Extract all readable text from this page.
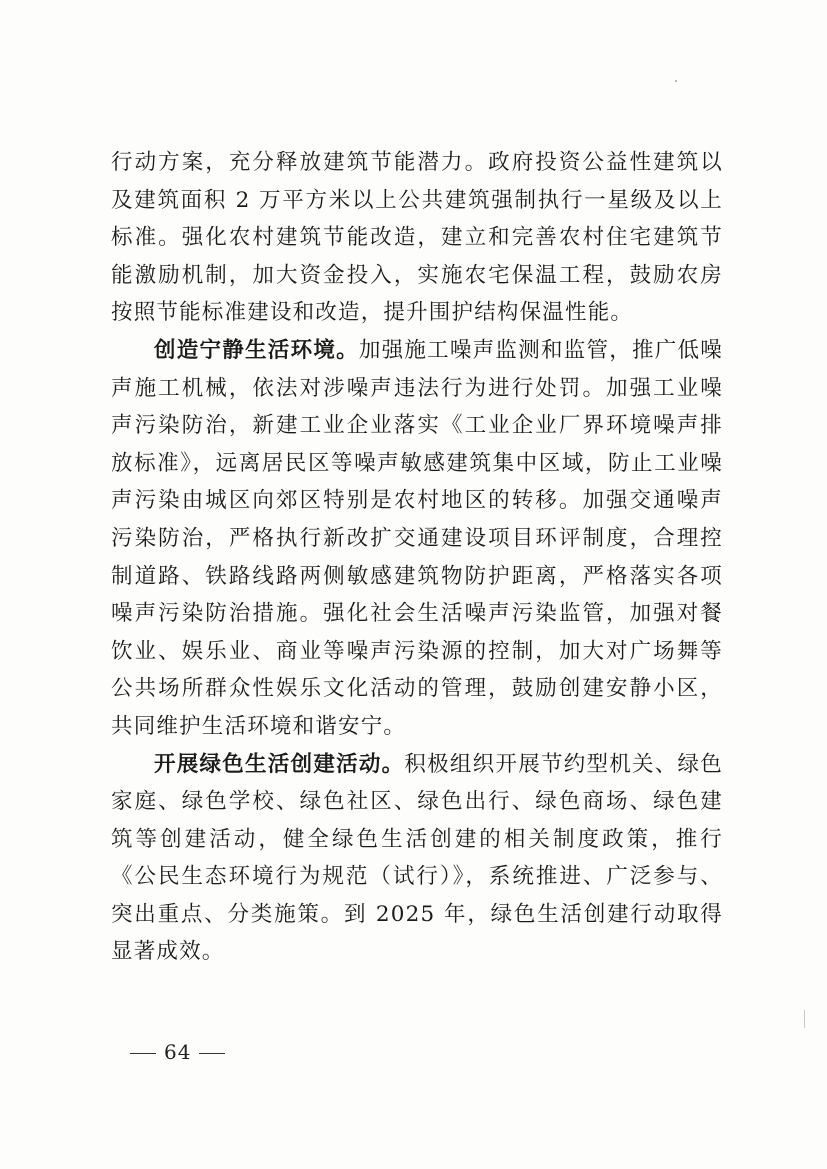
行动方案，充分释放建筑节能潜力。政府投资公益性建筑以及建筑面积 2 万平方米以上公共建筑强制执行一星级及以上标准。强化农村建筑节能改造，建立和完善农村住宅建筑节能激励机制，加大资金投入，实施农宅保温工程，鼓励农房按照节能标准建设和改造，提升围护结构保温性能。

创造宁静生活环境。加强施工噪声监测和监管，推广低噪声施工机械，依法对涉噪声违法行为进行处罚。加强工业噪声污染防治，新建工业企业落实《工业企业厂界环境噪声排放标准》，远离居民区等噪声敏感建筑集中区域，防止工业噪声污染由城区向郊区特别是农村地区的转移。加强交通噪声污染防治，严格执行新改扩交通建设项目环评制度，合理控制道路、铁路线路两侧敏感建筑物防护距离，严格落实各项噪声污染防治措施。强化社会生活噪声污染监管，加强对餐饮业、娱乐业、商业等噪声污染源的控制，加大对广场舞等公共场所群众性娱乐文化活动的管理，鼓励创建安静小区，共同维护生活环境和谐安宁。

开展绿色生活创建活动。积极组织开展节约型机关、绿色家庭、绿色学校、绿色社区、绿色出行、绿色商场、绿色建筑等创建活动，健全绿色生活创建的相关制度政策，推行《公民生态环境行为规范（试行）》，系统推进、广泛参与、突出重点、分类施策。到 2025 年，绿色生活创建行动取得显著成效。

64
